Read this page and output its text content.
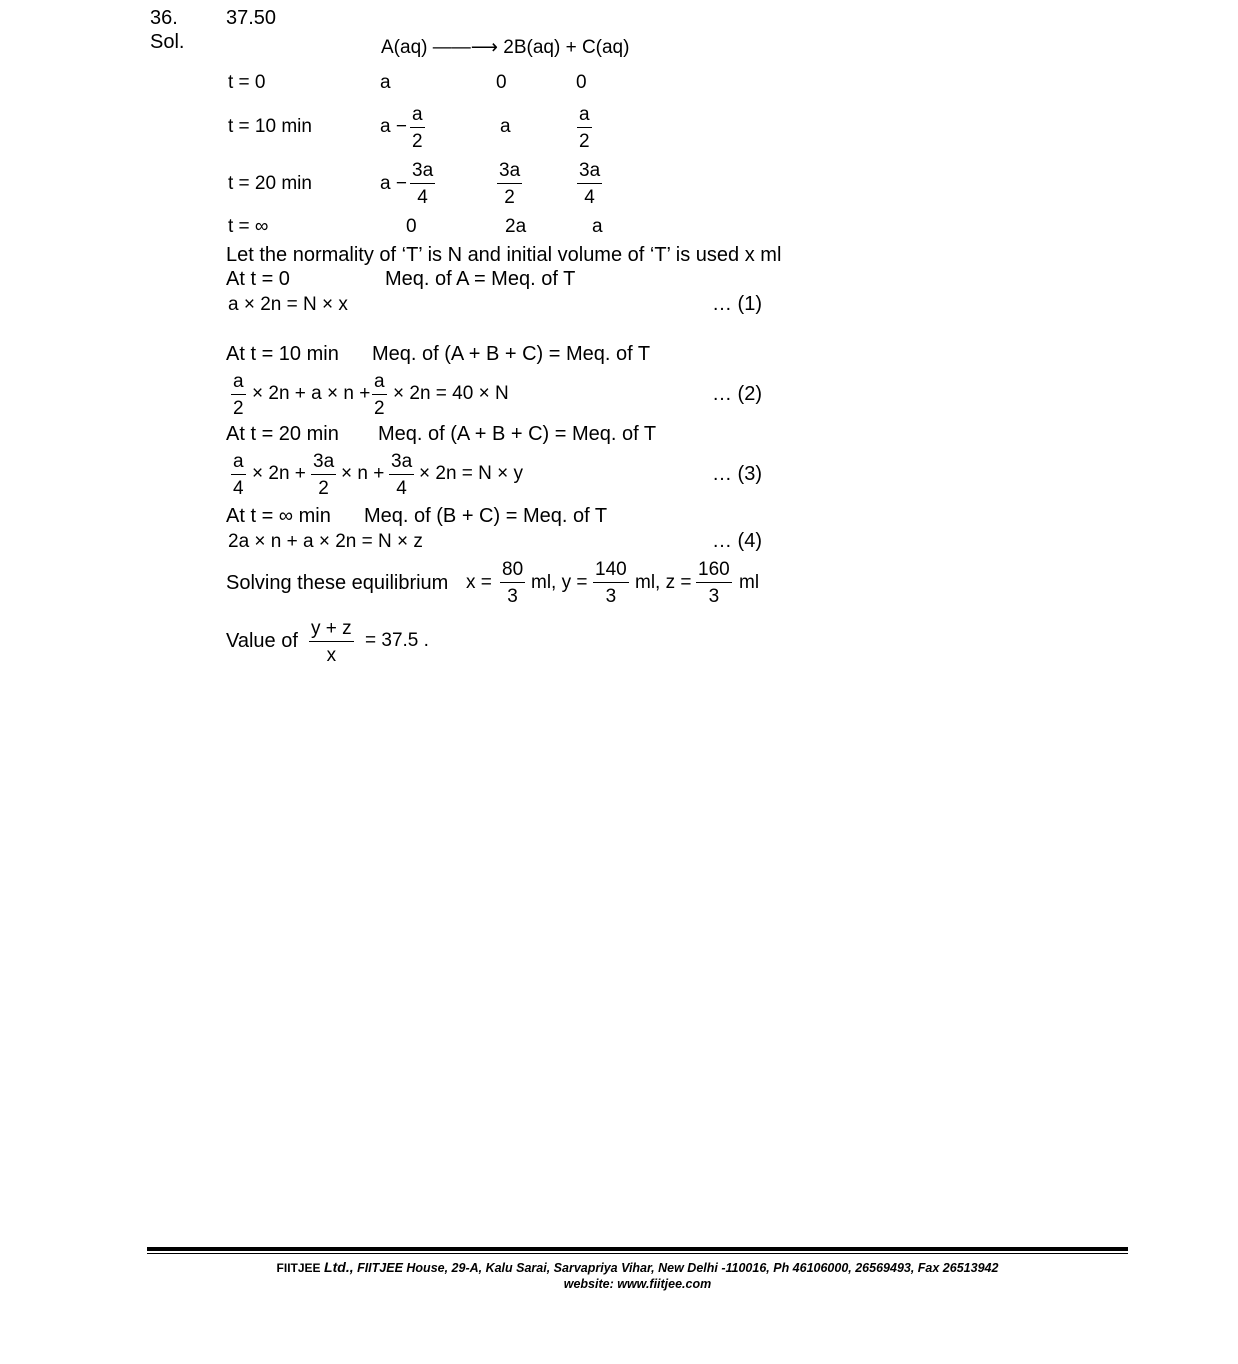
36. 37.50
Sol.	A(aq) ——⟶ 2B(aq) + C(aq)
t = 0	a	0	0
t = 10 min	$a - \frac{a}{2}$	a	$\frac{a}{2}$
t = 20 min	$a - \frac{3a}{4}$	$\frac{3a}{2}$	$\frac{3a}{4}$
t = ∞	0	2a	a
Let the normality of ‘T’ is N and initial volume of ‘T’ is used x ml
At t = 0	Meq. of A = Meq. of T
a × 2n = N × x	… (1)
At t = 10 min Meq. of (A + B + C) = Meq. of T
$\frac{a}{2} \times 2n + a \times n + \frac{a}{2} \times 2n = 40 \times N$	… (2)
At t = 20 min Meq. of (A + B + C) = Meq. of T
$\frac{a}{4} \times 2n + \frac{3a}{2} \times n + \frac{3a}{4} \times 2n = N \times y$	… (3)
At t = ∞ min Meq. of (B + C) = Meq. of T
2a × n + a × 2n = N × z	… (4)
Solving these equilibrium $x = \frac{80}{3}$ ml, $y = \frac{140}{3}$ ml, $z = \frac{160}{3}$ ml
Value of $\frac{y + z}{x} = 37.5$ .
FIITJEE Ltd., FIITJEE House, 29-A, Kalu Sarai, Sarvapriya Vihar, New Delhi -110016, Ph 46106000, 26569493, Fax 26513942
website: www.fiitjee.com
